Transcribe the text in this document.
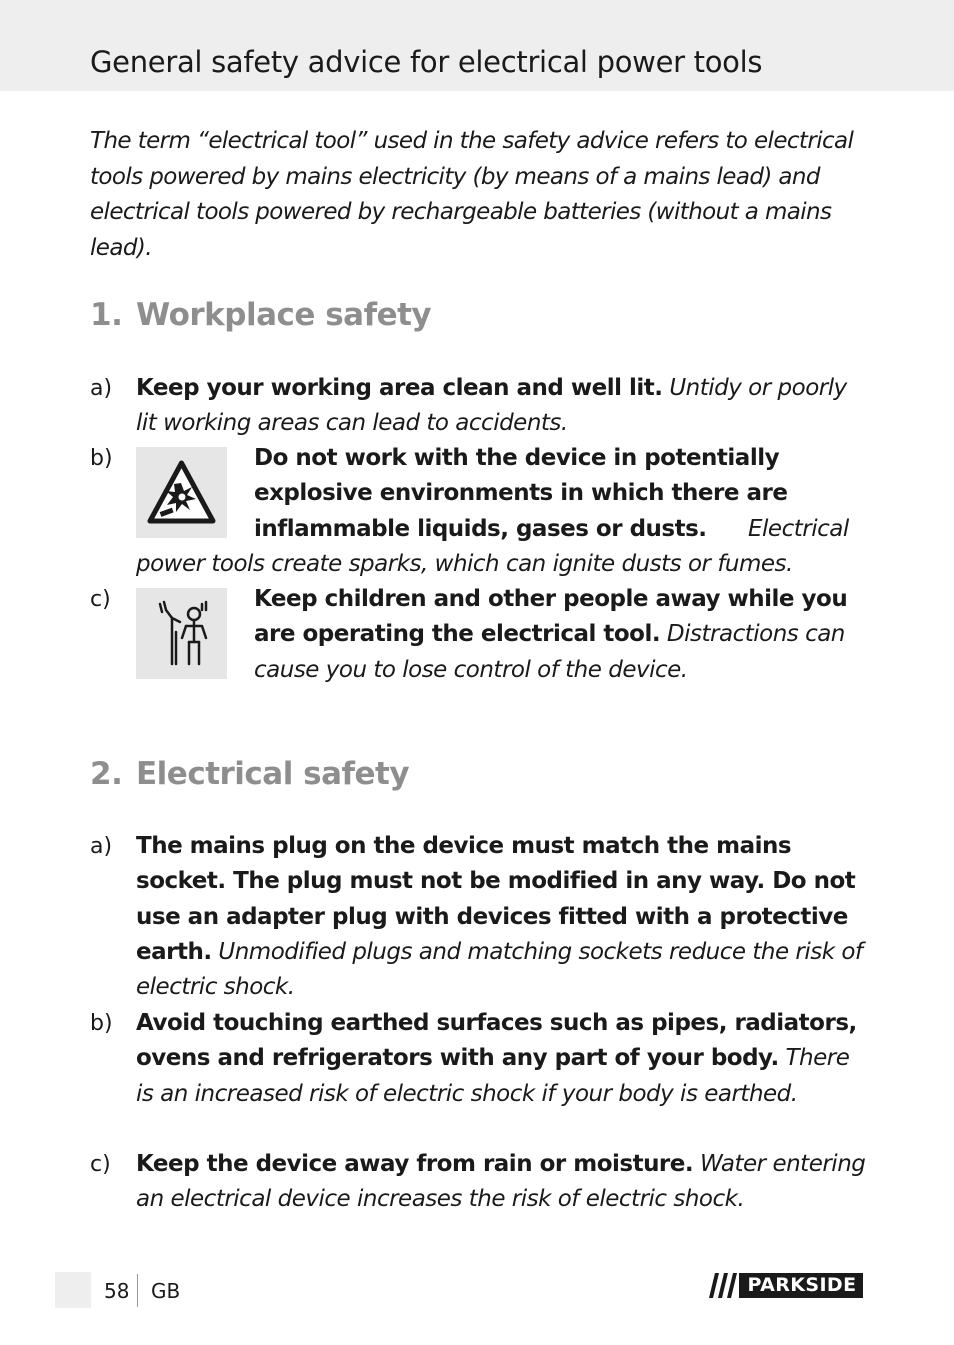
General safety advice for electrical power tools

The term “electrical tool” used in the safety advice refers to electrical tools powered by mains electricity (by means of a mains lead) and electrical tools powered by rechargeable batteries (without a mains lead).

1. Workplace safety
a) Keep your working area clean and well lit. Untidy or poorly lit working areas can lead to accidents.

b)	Do not work with the device in potentially explosive environments in which there are inflammable liquids, gases or dusts.	Electrical

power tools create sparks, which can ignite dusts or fumes.

c)	Keep children and other people away while you are operating the electrical tool. Distractions can cause you to lose control of the device.

2. Electrical safety
a) The mains plug on the device must match the mains socket. The plug must not be modified in any way. Do not use an adapter plug with devices fitted with a protective earth. Unmodified plugs and matching sockets reduce the risk of electric shock.

b) Avoid touching earthed surfaces such as pipes, radiators, ovens and refrigerators with any part of your body. There is an increased risk of electric shock if your body is earthed.

c) Keep the device away from rain or moisture. Water entering an electrical device increases the risk of electric shock.

58 GB	PARKSIDE
